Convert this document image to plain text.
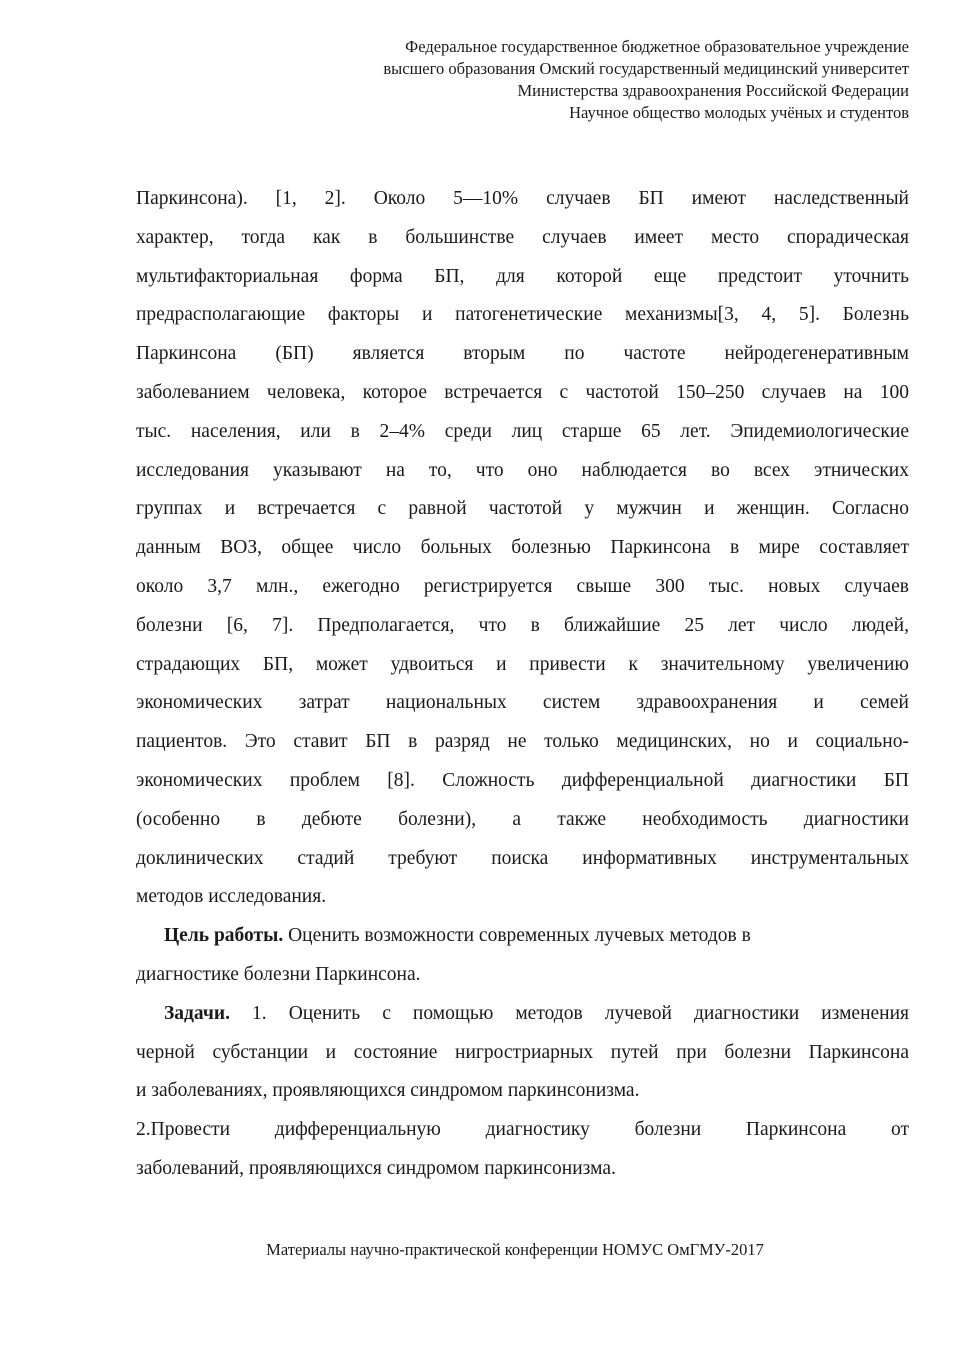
Федеральное государственное бюджетное образовательное учреждение
высшего образования Омский государственный медицинский университет
Министерства здравоохранения Российской Федерации
Научное общество молодых учёных и студентов
Паркинсона). [1, 2]. Около 5—10% случаев БП имеют наследственный
характер, тогда как в большинстве случаев имеет место спорадическая
мультифакториальная форма БП, для которой еще предстоит уточнить
предрасполагающие факторы и патогенетические механизмы[3, 4, 5]. Болезнь
Паркинсона (БП) является вторым по частоте нейродегенеративным
заболеванием человека, которое встречается с частотой 150–250 случаев на 100
тыс. населения, или в 2–4% среди лиц старше 65 лет. Эпидемиологические
исследования указывают на то, что оно наблюдается во всех этнических
группах и встречается с равной частотой у мужчин и женщин. Согласно
данным ВОЗ, общее число больных болезнью Паркинсона в мире составляет
около 3,7 млн., ежегодно регистрируется свыше 300 тыс. новых случаев
болезни [6, 7]. Предполагается, что в ближайшие 25 лет число людей,
страдающих БП, может удвоиться и привести к значительному увеличению
экономических затрат национальных систем здравоохранения и семей
пациентов. Это ставит БП в разряд не только медицинских, но и социально-
экономических проблем [8]. Сложность дифференциальной диагностики БП
(особенно в дебюте болезни), а также необходимость диагностики
доклинических стадий требуют поиска информативных инструментальных
методов исследования.
Цель работы. Оценить возможности современных лучевых методов в
диагностике болезни Паркинсона.
Задачи. 1. Оценить с помощью методов лучевой диагностики изменения
черной субстанции и состояние нигростриарных путей при болезни Паркинсона
и заболеваниях, проявляющихся синдромом паркинсонизма.
2.Провести дифференциальную диагностику болезни Паркинсона от
заболеваний, проявляющихся синдромом паркинсонизма.
Материалы научно-практической конференции НОМУС ОмГМУ-2017
